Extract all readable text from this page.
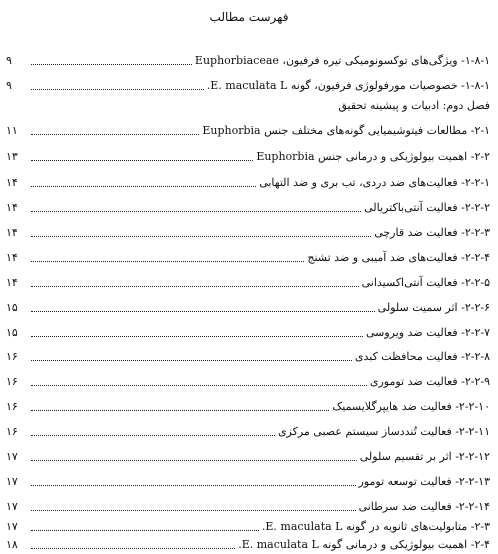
فهرست مطالب
۱-۸-۱- ویژگی‌های توکسونومیکی تیره فرفیون، Euphorbiaceae
۹
۱-۸-۱- خصوصیات مورفولوژی فرفیون، گونه E. maculata L.
۹
فصل دوم: ادبیات و پیشینه تحقیق
۲-۱- مطالعات فیتوشیمیایی گونه‌های مختلف جنس Euphorbia
۱۱
۲-۲- اهمیت بیولوژیکی و درمانی جنس Euphorbia
۱۳
۲-۲-۱- فعالیت‌های ضد دردی، تب بری و ضد التهابی
۱۴
۲-۲-۲- فعالیت آنتی‌باکتریالی
۱۴
۲-۲-۳- فعالیت ضد قارچی
۱۴
۲-۲-۴- فعالیت‌های ضد آمیبی و ضد تشنج
۱۴
۲-۲-۵- فعالیت آنتی‌اکسیدانی
۱۴
۲-۲-۶- اثر سمیت سلولی
۱۵
۲-۲-۷- فعالیت ضد ویروسی
۱۵
۲-۲-۸- فعالیت محافظت کبدی
۱۶
۲-۲-۹- فعالیت ضد توموری
۱۶
۲-۲-۱۰- فعالیت ضد هایپرگلایسمیک
۱۶
۲-۲-۱۱- فعالیت تُنددساز سیستم عصبی مرکزی
۱۶
۲-۲-۱۲- اثر بر تقسیم سلولی
۱۷
۲-۲-۱۳- فعالیت توسعه تومور
۱۷
۲-۲-۱۴- فعالیت ضد سرطانی
۱۷
۲-۳- متابولیت‌های ثانویه در گونه E. maculata L.
۱۷
۲-۴- اهمیت بیولوژیکی و درمانی گونه E. maculata L.
۱۸
